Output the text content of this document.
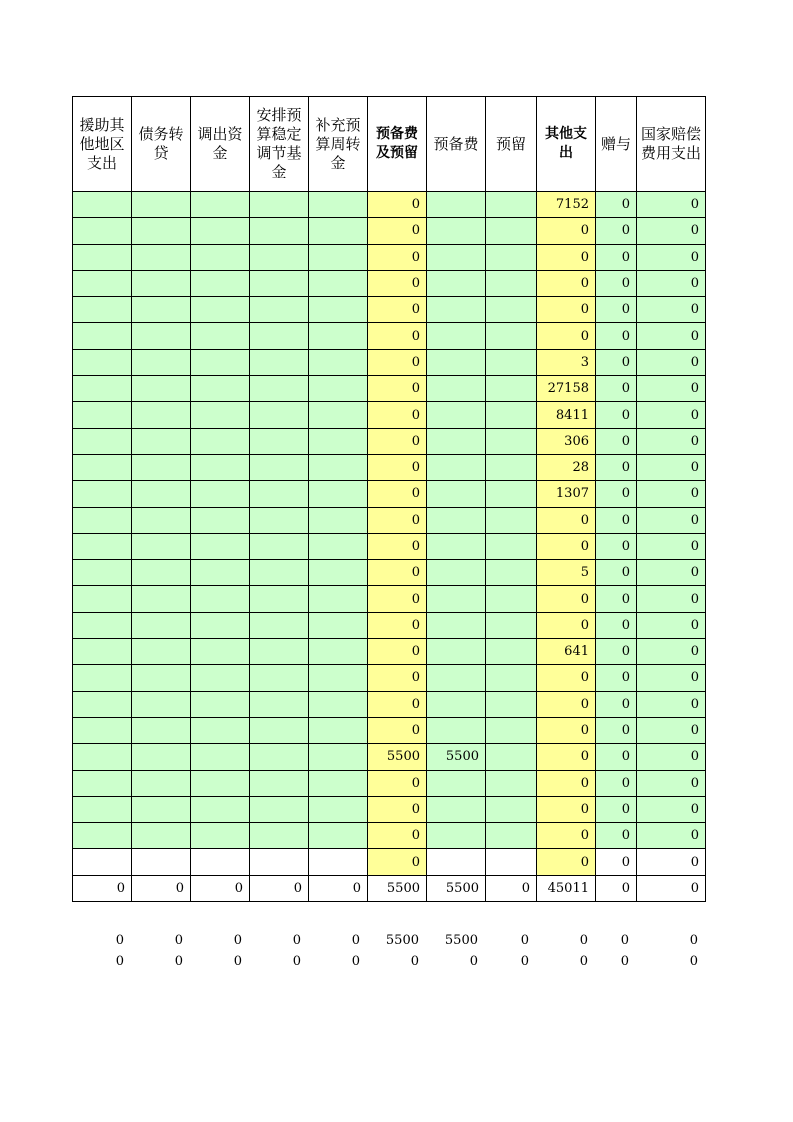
援助其他地区支出	债务转贷	调出资金	安排预算稳定调节基金	补充预算周转金	预备费及预留	预备费	预留	其他支出	赠与	国家赔偿费用支出
					0			7152	0	0
					0			0	0	0
					0			0	0	0
					0			0	0	0
					0			0	0	0
					0			0	0	0
					0			3	0	0
					0			27158	0	0
					0			8411	0	0
					0			306	0	0
					0			28	0	0
					0			1307	0	0
					0			0	0	0
					0			0	0	0
					0			5	0	0
					0			0	0	0
					0			0	0	0
					0			641	0	0
					0			0	0	0
					0			0	0	0
					0			0	0	0
					5500	5500		0	0	0
					0			0	0	0
					0			0	0	0
					0			0	0	0
					0			0	0	0
0	0	0	0	0	5500	5500	0	45011	0	0
0	0	0	0	0	5500	5500	0	0	0	0
0	0	0	0	0	0	0	0	0	0	0
